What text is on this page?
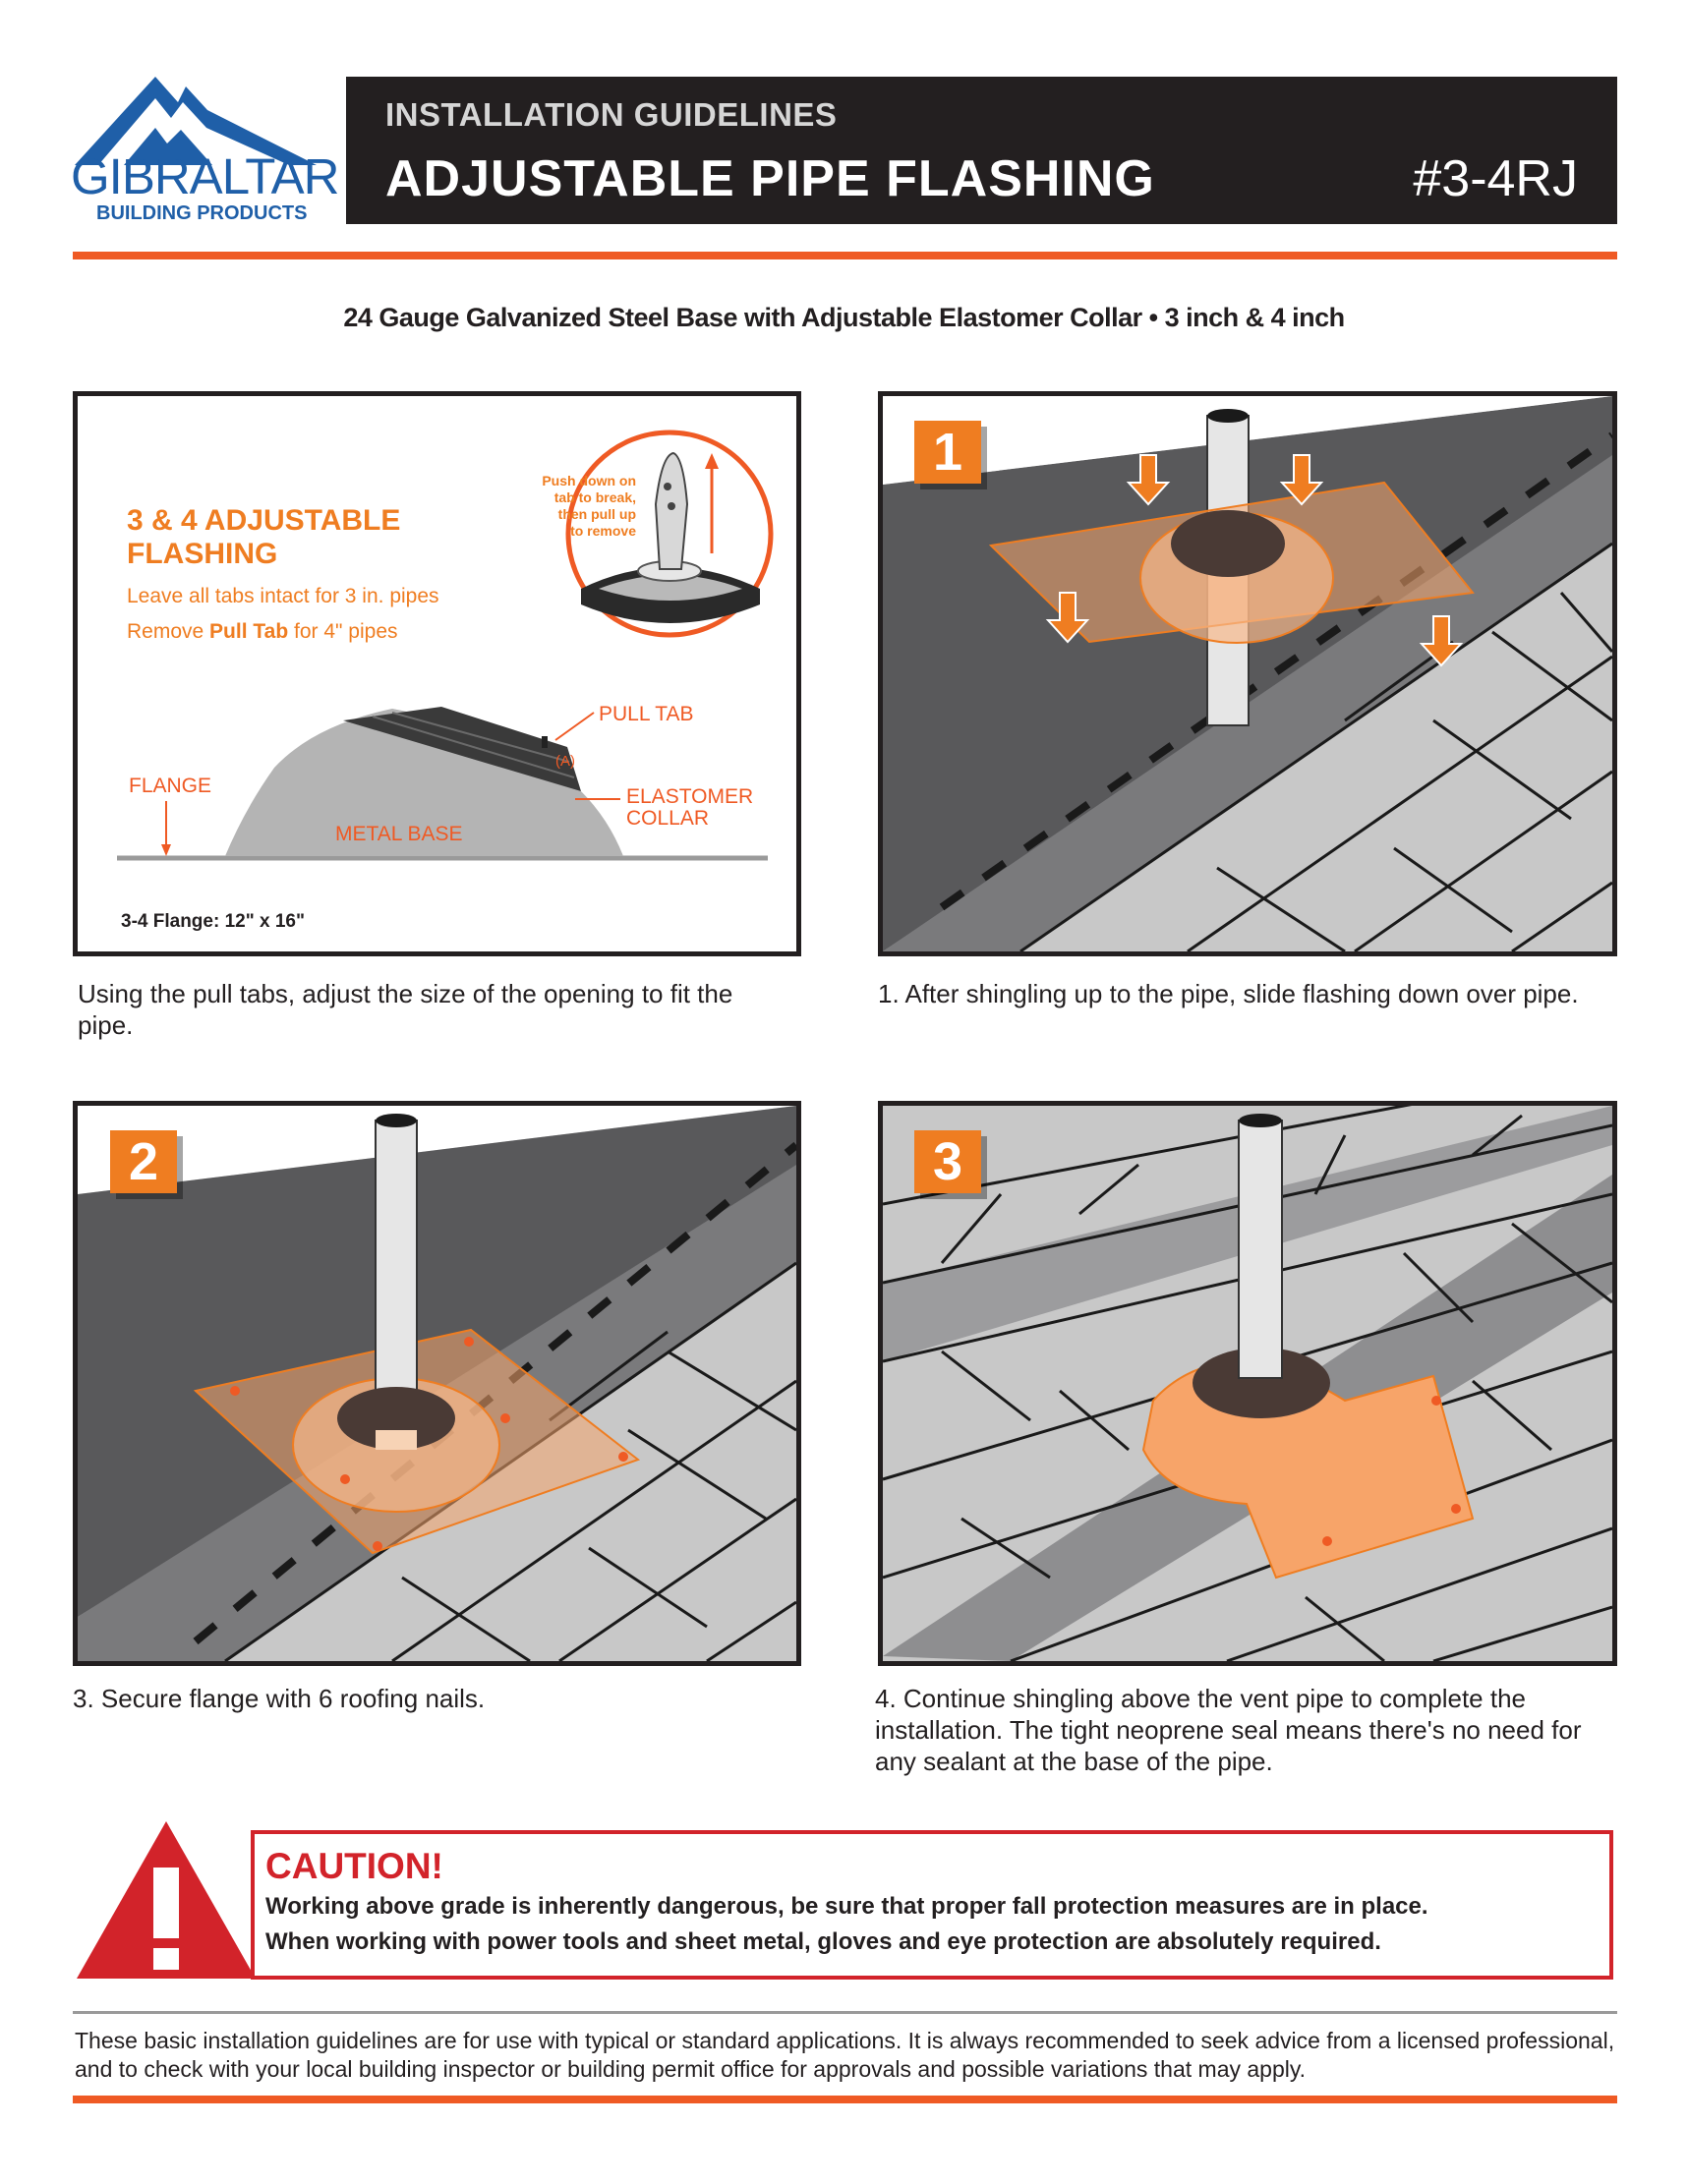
GIBRALTAR
BUILDING PRODUCTS
INSTALLATION GUIDELINES
ADJUSTABLE PIPE FLASHING	#3-4RJ
24 Gauge Galvanized Steel Base with Adjustable Elastomer Collar • 3 inch & 4 inch
3 & 4 ADJUSTABLE
FLASHING
Leave all tabs intact for 3 in. pipes
Remove Pull Tab for 4" pipes
Push down on
tab to break,
then pull up
to remove
PULL TAB
(A)
FLANGE
METAL BASE
ELASTOMER
COLLAR
3-4 Flange: 12" x 16"
Using the pull tabs, adjust the size of the opening to fit the pipe.
1
1. After shingling up to the pipe, slide flashing down over pipe.
2
3. Secure flange with 6 roofing nails.
3
4. Continue shingling above the vent pipe to complete the installation. The tight neoprene seal means there's no need for any sealant at the base of the pipe.
CAUTION!
Working above grade is inherently dangerous, be sure that proper fall protection measures are in place.
When working with power tools and sheet metal, gloves and eye protection are absolutely required.
These basic installation guidelines are for use with typical or standard applications. It is always recommended to seek advice from a licensed professional, and to check with your local building inspector or building permit office for approvals and possible variations that may apply.
